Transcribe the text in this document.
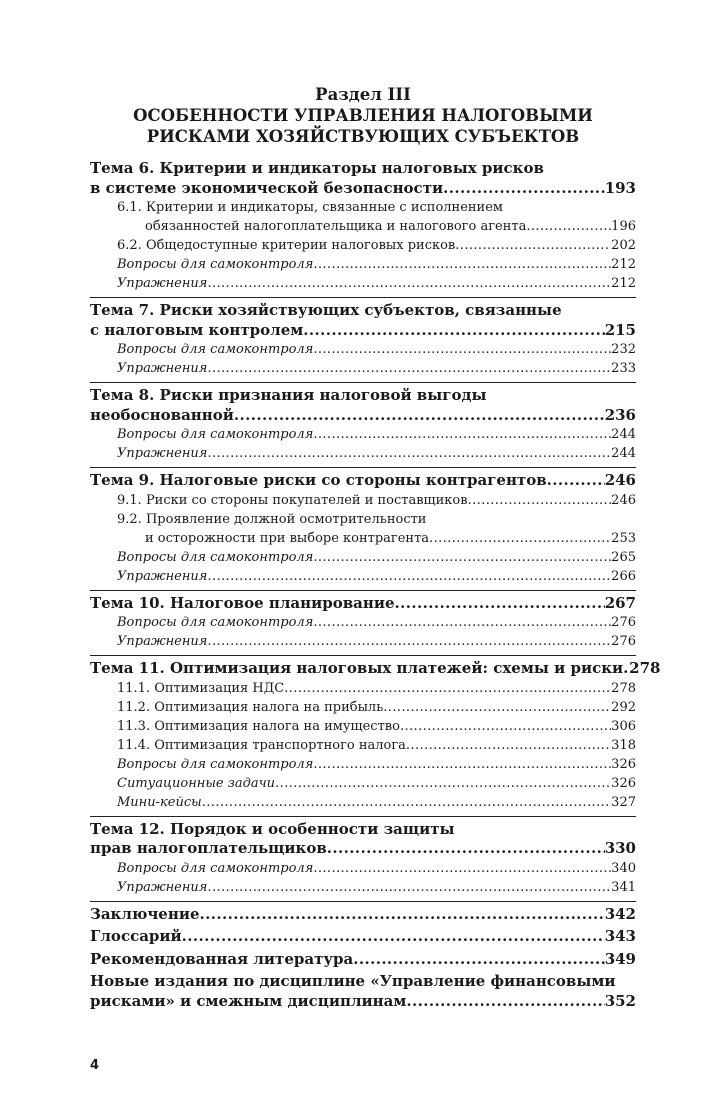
Раздел III
ОСОБЕННОСТИ УПРАВЛЕНИЯ НАЛОГОВЫМИ
РИСКАМИ ХОЗЯЙСТВУЮЩИХ СУБЪЕКТОВ
Тема 6. Критерии и индикаторы налоговых рисков
в системе экономической безопасности .....	193
6.1. Критерии и индикаторы, связанные с исполнением
обязанностей налогоплательщика и налогового агента .....	196
6.2. Общедоступные критерии налоговых рисков .....	202
Вопросы для самоконтроля .....	212
Упражнения .....	212
Тема 7. Риски хозяйствующих субъектов, связанные
с налоговым контролем .....	215
Вопросы для самоконтроля .....	232
Упражнения .....	233
Тема 8. Риски признания налоговой выгоды
необоснованной .....	236
Вопросы для самоконтроля .....	244
Упражнения .....	244
Тема 9. Налоговые риски со стороны контрагентов .....	246
9.1. Риски со стороны покупателей и поставщиков .....	246
9.2. Проявление должной осмотрительности
и осторожности при выборе контрагента .....	253
Вопросы для самоконтроля .....	265
Упражнения .....	266
Тема 10. Налоговое планирование .....	267
Вопросы для самоконтроля .....	276
Упражнения .....	276
Тема 11. Оптимизация налоговых платежей: схемы и риски ..... 278
11.1. Оптимизация НДС .....	278
11.2. Оптимизация налога на прибыль .....	292
11.3. Оптимизация налога на имущество .....	306
11.4. Оптимизация транспортного налога .....	318
Вопросы для самоконтроля .....	326
Ситуационные задачи .....	326
Мини-кейсы .....	327
Тема 12. Порядок и особенности защиты
прав налогоплательщиков .....	330
Вопросы для самоконтроля .....	340
Упражнения .....	341
Заключение .....	342
Глоссарий .....	343
Рекомендованная литература .....	349
Новые издания по дисциплине «Управление финансовыми
рисками» и смежным дисциплинам .....	352
4
